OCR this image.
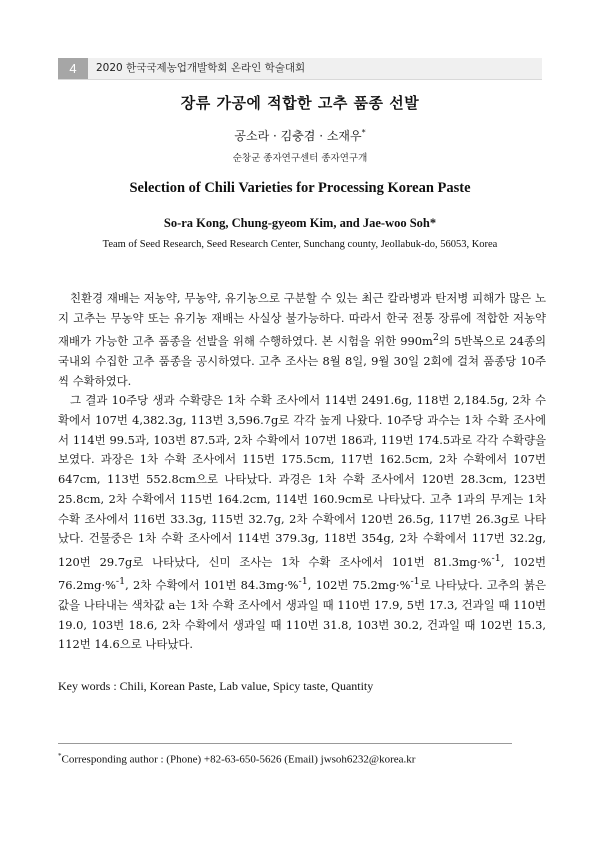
4	2020 한국국제농업개발학회 온라인 학술대회
장류 가공에 적합한 고추 품종 선발
공소라 · 김충겸 · 소재우*
순창군 종자연구센터 종자연구개
Selection of Chili Varieties for Processing Korean Paste
So-ra Kong, Chung-gyeom Kim, and Jae-woo Soh*
Team of Seed Research, Seed Research Center, Sunchang county, Jeollabuk-do, 56053, Korea

친환경 재배는 저농약, 무농약, 유기농으로 구분할 수 있는 최근 칼라병과 탄저병 피해가 많은 노지 고추는 무농약 또는 유기농 재배는 사실상 불가능하다. 따라서 한국 전통 장류에 적합한 저농약 재배가 가능한 고추 품종을 선발을 위해 수행하였다. 본 시험을 위한 $990m^2$의 5반복으로 24종의 국내외 수집한 고추 품종을 공시하였다. 고추 조사는 8월 8일, 9월 30일 2회에 걸쳐 품종당 10주씩 수확하였다.

그 결과 10주당 생과 수확량은 1차 수확 조사에서 114번 2491.6g, 118번 2,184.5g, 2차 수확에서 107번 4,382.3g, 113번 3,596.7g로 각각 높게 나왔다. 10주당 과수는 1차 수확 조사에서 114번 99.5과, 103번 87.5과, 2차 수확에서 107번 186과, 119번 174.5과로 각각 수확량을 보였다. 과장은 1차 수확 조사에서 115번 175.5cm, 117번 162.5cm, 2차 수확에서 107번 647cm, 113번 552.8cm으로 나타났다. 과경은 1차 수확 조사에서 120번 28.3cm, 123번 25.8cm, 2차 수확에서 115번 164.2cm, 114번 160.9cm로 나타났다. 고추 1과의 무게는 1차 수확 조사에서 116번 33.3g, 115번 32.7g, 2차 수확에서 120번 26.5g, 117번 26.3g로 나타났다. 건물중은 1차 수확 조사에서 114번 379.3g, 118번 354g, 2차 수확에서 117번 32.2g, 120번 29.7g로 나타났다, 신미 조사는 1차 수확 조사에서 101번 81.3mg·%$^{-1}$, 102번 76.2mg·%$^{-1}$, 2차 수확에서 101번 84.3mg·%$^{-1}$, 102번 75.2mg·%$^{-1}$로 나타났다. 고추의 붉은 값을 나타내는 색차값 a는 1차 수확 조사에서 생과일 때 110번 17.9, 5번 17.3, 건과일 때 110번 19.0, 103번 18.6, 2차 수확에서 생과일 때 110번 31.8, 103번 30.2, 건과일 때 102번 15.3, 112번 14.6으로 나타났다.

Key words : Chili, Korean Paste, Lab value, Spicy taste, Quantity
*Corresponding author : (Phone) +82-63-650-5626 (Email) jwsoh6232@korea.kr
